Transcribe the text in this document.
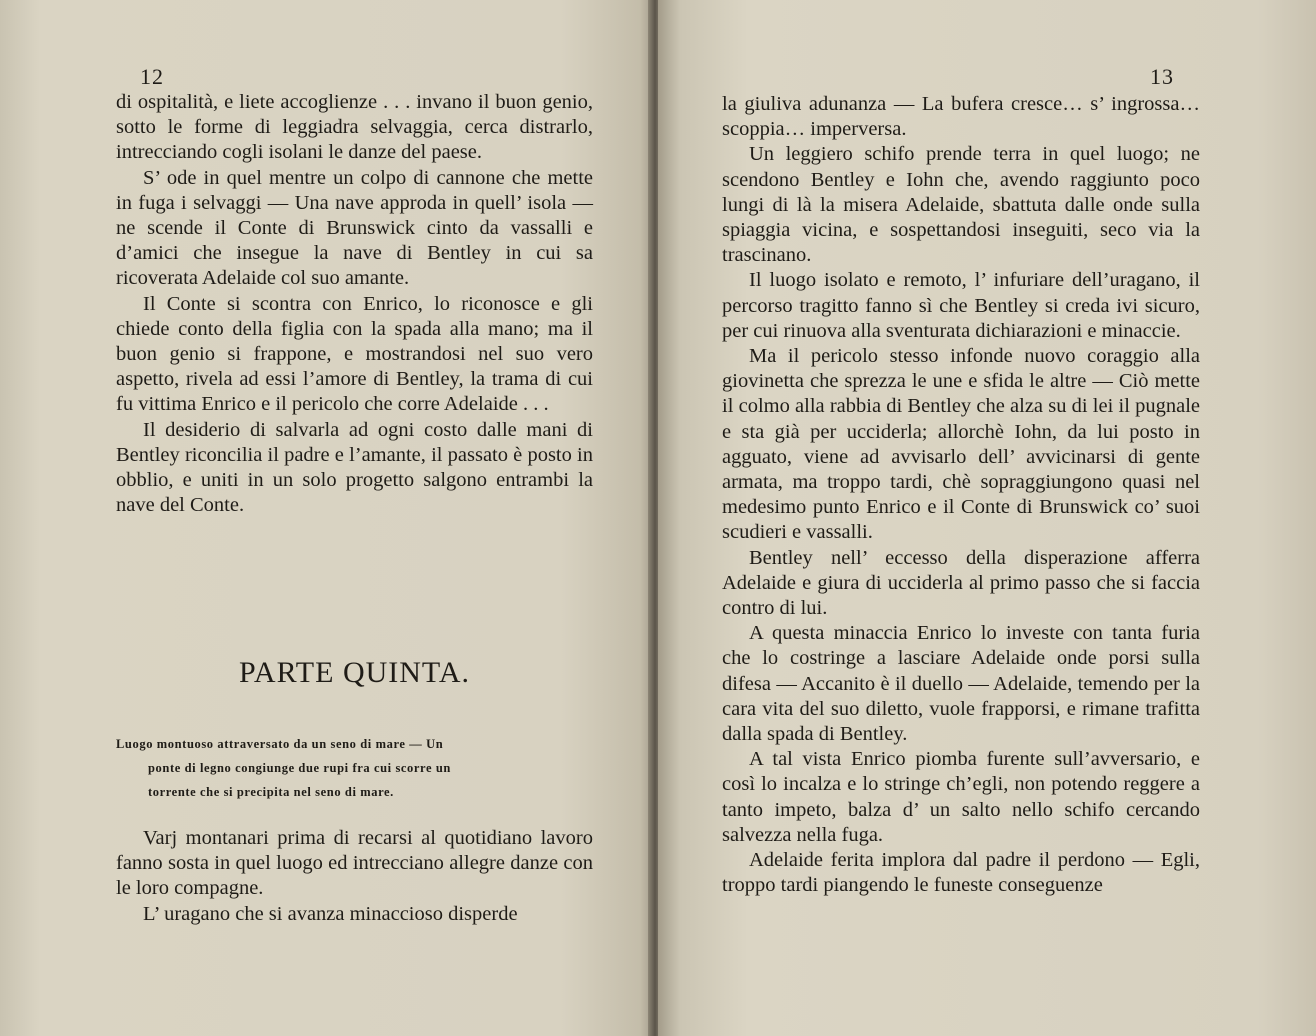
12

di ospitalità, e liete accoglienze . . . invano il buon genio, sotto le forme di leggiadra selvaggia, cerca distrarlo, intrecciando cogli isolani le danze del paese.

S’ ode in quel mentre un colpo di cannone che mette in fuga i selvaggi — Una nave approda in quell’ isola — ne scende il Conte di Brunswick cinto da vassalli e d’amici che insegue la nave di Bentley in cui sa ricoverata Adelaide col suo amante.

Il Conte si scontra con Enrico, lo riconosce e gli chiede conto della figlia con la spada alla mano; ma il buon genio si frappone, e mostrandosi nel suo vero aspetto, rivela ad essi l’amore di Bentley, la trama di cui fu vittima Enrico e il pericolo che corre Adelaide . . .

Il desiderio di salvarla ad ogni costo dalle mani di Bentley riconcilia il padre e l’amante, il passato è posto in obblio, e uniti in un solo progetto salgono entrambi la nave del Conte.

PARTE QUINTA.
Luogo montuoso attraversato da un seno di mare — Un
ponte di legno congiunge due rupi fra cui scorre un
torrente che si precipita nel seno di mare.

Varj montanari prima di recarsi al quotidiano lavoro fanno sosta in quel luogo ed intrecciano allegre danze con le loro compagne.

L’ uragano che si avanza minaccioso disperde

13

la giuliva adunanza — La bufera cresce… s’ ingrossa… scoppia… imperversa.

Un leggiero schifo prende terra in quel luogo; ne scendono Bentley e Iohn che, avendo raggiunto poco lungi di là la misera Adelaide, sbattuta dalle onde sulla spiaggia vicina, e sospettandosi inseguiti, seco via la trascinano.

Il luogo isolato e remoto, l’ infuriare dell’uragano, il percorso tragitto fanno sì che Bentley si creda ivi sicuro, per cui rinuova alla sventurata dichiarazioni e minaccie.

Ma il pericolo stesso infonde nuovo coraggio alla giovinetta che sprezza le une e sfida le altre — Ciò mette il colmo alla rabbia di Bentley che alza su di lei il pugnale e sta già per ucciderla; allorchè Iohn, da lui posto in agguato, viene ad avvisarlo dell’ avvicinarsi di gente armata, ma troppo tardi, chè sopraggiungono quasi nel medesimo punto Enrico e il Conte di Brunswick co’ suoi scudieri e vassalli.

Bentley nell’ eccesso della disperazione afferra Adelaide e giura di ucciderla al primo passo che si faccia contro di lui.

A questa minaccia Enrico lo investe con tanta furia che lo costringe a lasciare Adelaide onde porsi sulla difesa — Accanito è il duello — Adelaide, temendo per la cara vita del suo diletto, vuole frapporsi, e rimane trafitta dalla spada di Bentley.

A tal vista Enrico piomba furente sull’avversario, e così lo incalza e lo stringe ch’egli, non potendo reggere a tanto impeto, balza d’ un salto nello schifo cercando salvezza nella fuga.

Adelaide ferita implora dal padre il perdono — Egli, troppo tardi piangendo le funeste conseguenze
